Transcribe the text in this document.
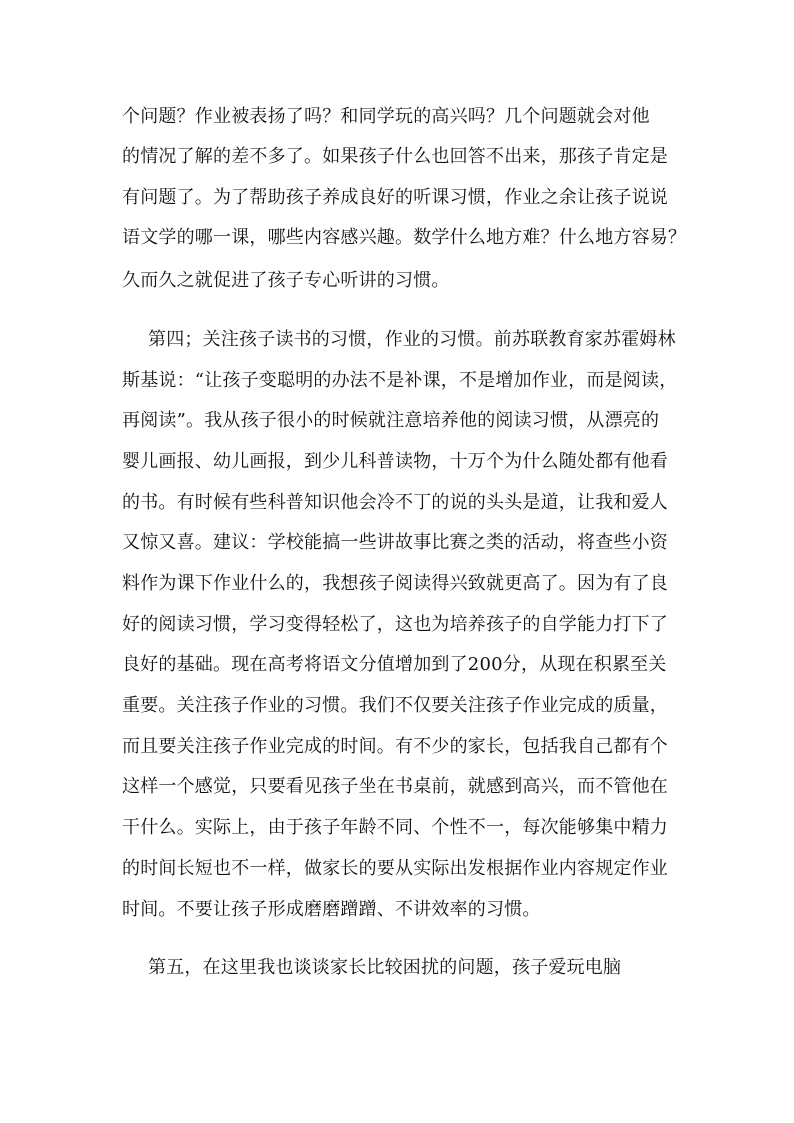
个问题？作业被表扬了吗？和同学玩的高兴吗？几个问题就会对他
的情况了解的差不多了。如果孩子什么也回答不出来，那孩子肯定是
有问题了。为了帮助孩子养成良好的听课习惯，作业之余让孩子说说
语文学的哪一课，哪些内容感兴趣。数学什么地方难？什么地方容易？
久而久之就促进了孩子专心听讲的习惯。
第四；关注孩子读书的习惯，作业的习惯。前苏联教育家苏霍姆林
斯基说：“让孩子变聪明的办法不是补课，不是增加作业，而是阅读，
再阅读”。我从孩子很小的时候就注意培养他的阅读习惯，从漂亮的
婴儿画报、幼儿画报，到少儿科普读物，十万个为什么随处都有他看
的书。有时候有些科普知识他会冷不丁的说的头头是道，让我和爱人
又惊又喜。建议：学校能搞一些讲故事比赛之类的活动，将查些小资
料作为课下作业什么的，我想孩子阅读得兴致就更高了。因为有了良
好的阅读习惯，学习变得轻松了，这也为培养孩子的自学能力打下了
良好的基础。现在高考将语文分值增加到了200分，从现在积累至关
重要。关注孩子作业的习惯。我们不仅要关注孩子作业完成的质量，
而且要关注孩子作业完成的时间。有不少的家长，包括我自己都有个
这样一个感觉，只要看见孩子坐在书桌前，就感到高兴，而不管他在
干什么。实际上，由于孩子年龄不同、个性不一，每次能够集中精力
的时间长短也不一样，做家长的要从实际出发根据作业内容规定作业
时间。不要让孩子形成磨磨蹭蹭、不讲效率的习惯。
第五，在这里我也谈谈家长比较困扰的问题，孩子爱玩电脑
